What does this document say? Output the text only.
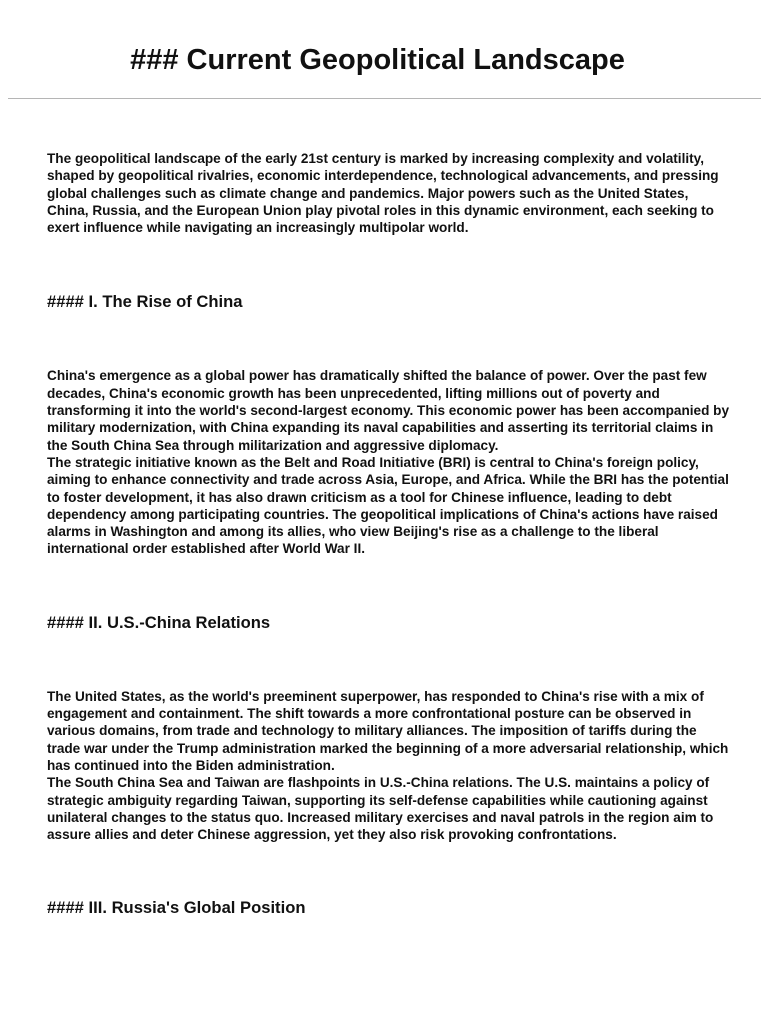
### Current Geopolitical Landscape

The geopolitical landscape of the early 21st century is marked by increasing complexity and volatility, shaped by geopolitical rivalries, economic interdependence, technological advancements, and pressing global challenges such as climate change and pandemics. Major powers such as the United States, China, Russia, and the European Union play pivotal roles in this dynamic environment, each seeking to exert influence while navigating an increasingly multipolar world.

#### I. The Rise of China

China's emergence as a global power has dramatically shifted the balance of power. Over the past few decades, China's economic growth has been unprecedented, lifting millions out of poverty and transforming it into the world's second-largest economy. This economic power has been accompanied by military modernization, with China expanding its naval capabilities and asserting its territorial claims in the South China Sea through militarization and aggressive diplomacy.

The strategic initiative known as the Belt and Road Initiative (BRI) is central to China's foreign policy, aiming to enhance connectivity and trade across Asia, Europe, and Africa. While the BRI has the potential to foster development, it has also drawn criticism as a tool for Chinese influence, leading to debt dependency among participating countries. The geopolitical implications of China's actions have raised alarms in Washington and among its allies, who view Beijing's rise as a challenge to the liberal international order established after World War II.

#### II. U.S.-China Relations

The United States, as the world's preeminent superpower, has responded to China's rise with a mix of engagement and containment. The shift towards a more confrontational posture can be observed in various domains, from trade and technology to military alliances. The imposition of tariffs during the trade war under the Trump administration marked the beginning of a more adversarial relationship, which has continued into the Biden administration.

The South China Sea and Taiwan are flashpoints in U.S.-China relations. The U.S. maintains a policy of strategic ambiguity regarding Taiwan, supporting its self-defense capabilities while cautioning against unilateral changes to the status quo. Increased military exercises and naval patrols in the region aim to assure allies and deter Chinese aggression, yet they also risk provoking confrontations.

#### III. Russia's Global Position
